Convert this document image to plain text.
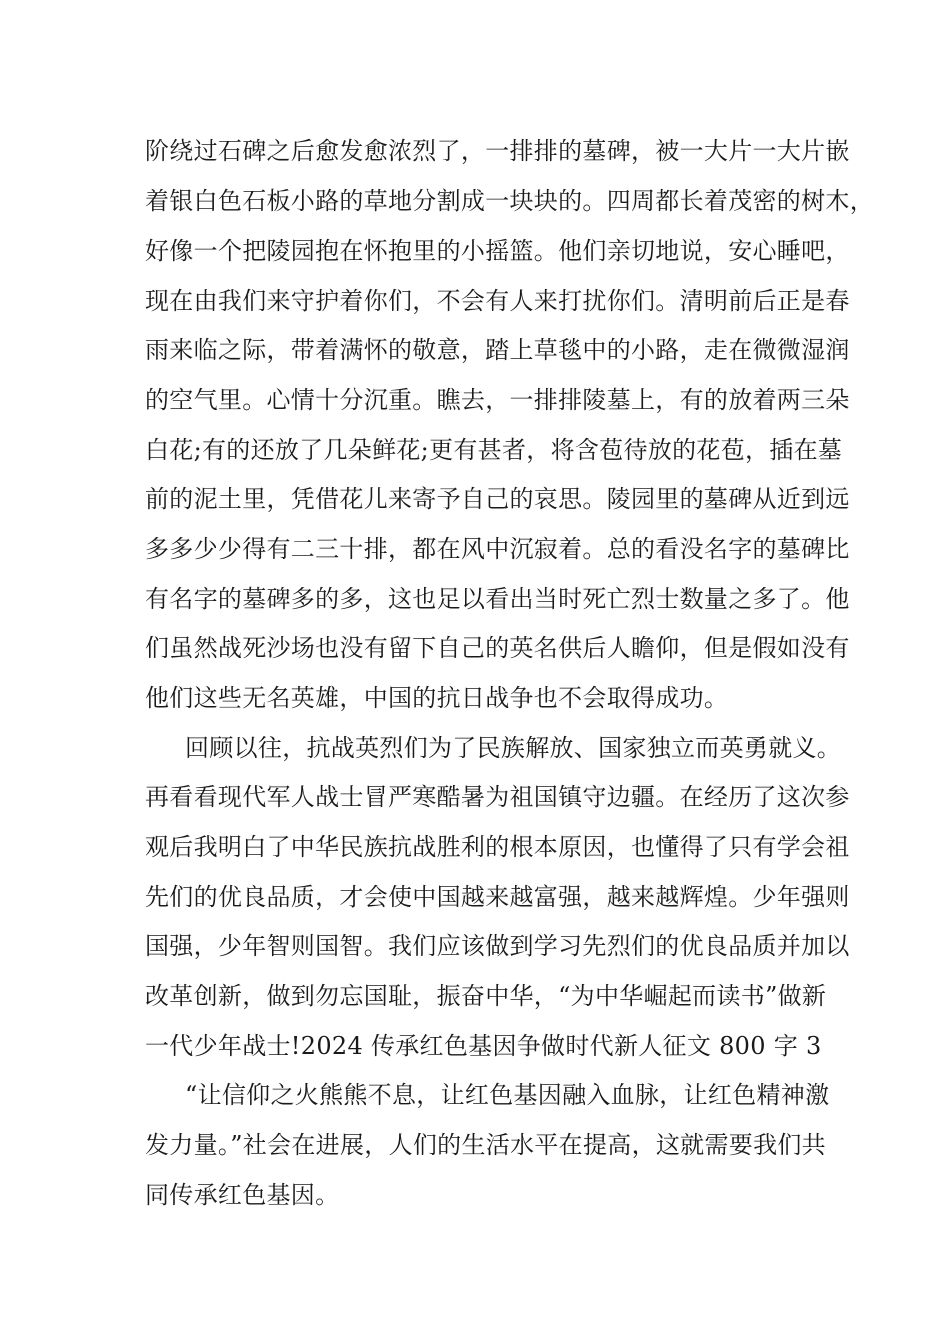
阶绕过石碑之后愈发愈浓烈了，一排排的墓碑，被一大片一大片嵌
着银白色石板小路的草地分割成一块块的。四周都长着茂密的树木，
好像一个把陵园抱在怀抱里的小摇篮。他们亲切地说，安心睡吧，
现在由我们来守护着你们，不会有人来打扰你们。清明前后正是春
雨来临之际，带着满怀的敬意，踏上草毯中的小路，走在微微湿润
的空气里。心情十分沉重。瞧去，一排排陵墓上，有的放着两三朵
白花;有的还放了几朵鲜花;更有甚者，将含苞待放的花苞，插在墓
前的泥土里，凭借花儿来寄予自己的哀思。陵园里的墓碑从近到远
多多少少得有二三十排，都在风中沉寂着。总的看没名字的墓碑比
有名字的墓碑多的多，这也足以看出当时死亡烈士数量之多了。他
们虽然战死沙场也没有留下自己的英名供后人瞻仰，但是假如没有
他们这些无名英雄，中国的抗日战争也不会取得成功。
回顾以往，抗战英烈们为了民族解放、国家独立而英勇就义。
再看看现代军人战士冒严寒酷暑为祖国镇守边疆。在经历了这次参
观后我明白了中华民族抗战胜利的根本原因，也懂得了只有学会祖
先们的优良品质，才会使中国越来越富强，越来越辉煌。少年强则
国强，少年智则国智。我们应该做到学习先烈们的优良品质并加以
改革创新，做到勿忘国耻，振奋中华，“为中华崛起而读书”做新
一代少年战士!2024 传承红色基因争做时代新人征文 800 字 3
“让信仰之火熊熊不息，让红色基因融入血脉，让红色精神激
发力量。”社会在进展，人们的生活水平在提高，这就需要我们共
同传承红色基因。
